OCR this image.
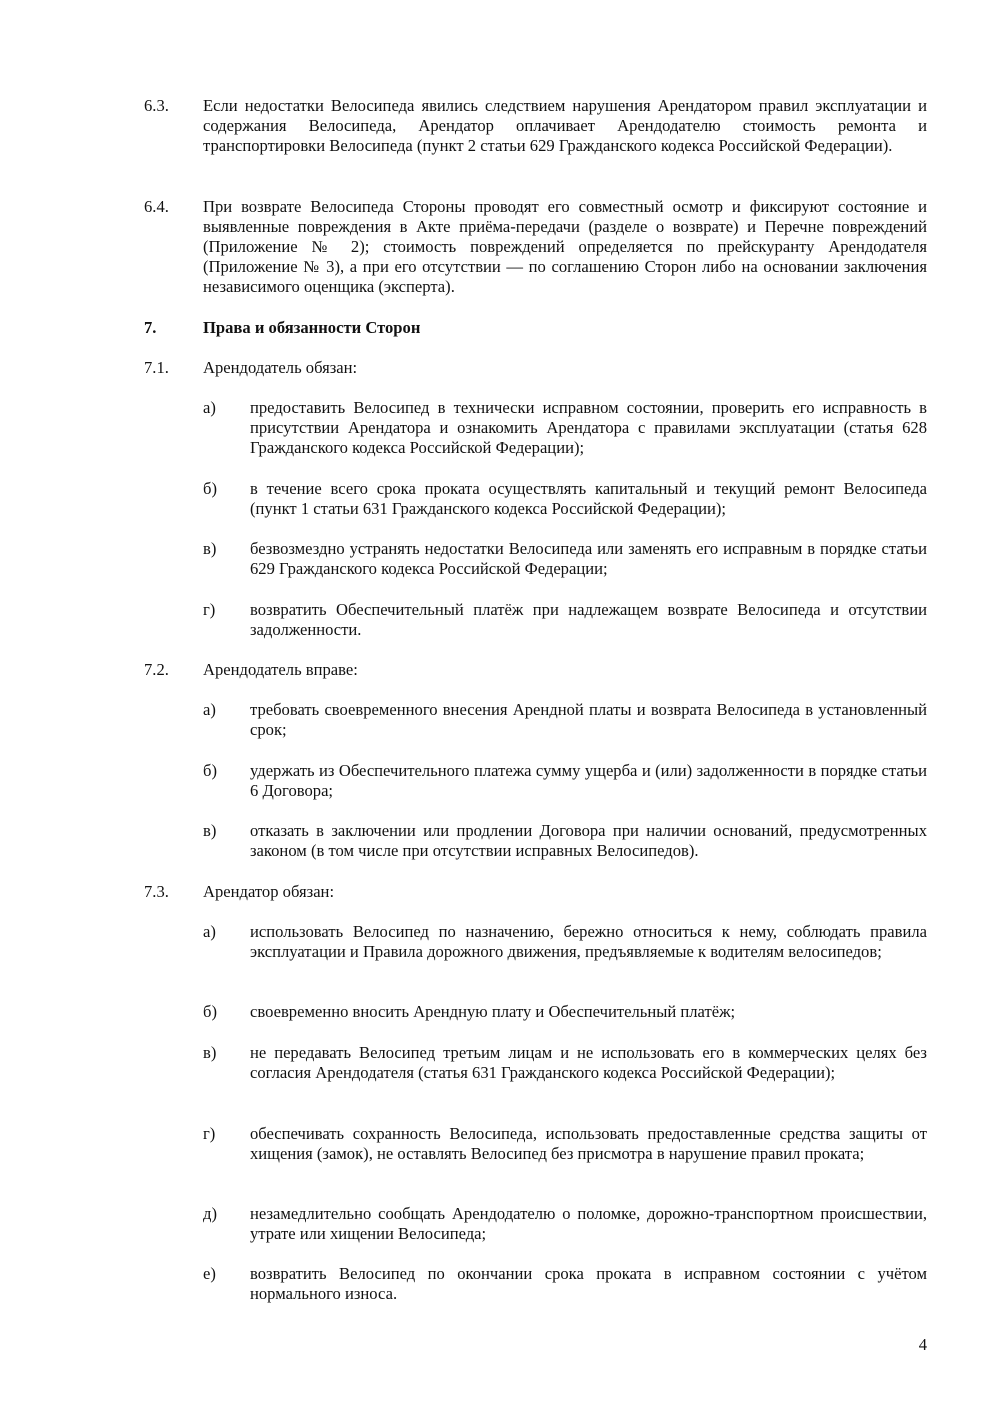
6.3. Если недостатки Велосипеда явились следствием нарушения Арендатором правил эксплуатации и содержания Велосипеда, Арендатор оплачивает Арендодателю стоимость ремонта и транспортировки Велосипеда (пункт 2 статьи 629 Гражданского кодекса Российской Федерации).
6.4. При возврате Велосипеда Стороны проводят его совместный осмотр и фиксируют состояние и выявленные повреждения в Акте приёма-передачи (разделе о возврате) и Перечне повреждений (Приложение № 2); стоимость повреждений определяется по прейскуранту Арендодателя (Приложение № 3), а при его отсутствии — по соглашению Сторон либо на основании заключения независимого оценщика (эксперта).
7.	Права и обязанности Сторон
7.1. Арендодатель обязан:
а) предоставить Велосипед в технически исправном состоянии, проверить его исправность в присутствии Арендатора и ознакомить Арендатора с правилами эксплуатации (статья 628 Гражданского кодекса Российской Федерации);
б) в течение всего срока проката осуществлять капитальный и текущий ремонт Велосипеда (пункт 1 статьи 631 Гражданского кодекса Российской Федерации);
в) безвозмездно устранять недостатки Велосипеда или заменять его исправным в порядке статьи 629 Гражданского кодекса Российской Федерации;
г) возвратить Обеспечительный платёж при надлежащем возврате Велосипеда и отсутствии задолженности.
7.2. Арендодатель вправе:
а) требовать своевременного внесения Арендной платы и возврата Велосипеда в установленный срок;
б) удержать из Обеспечительного платежа сумму ущерба и (или) задолженности в порядке статьи 6 Договора;
в) отказать в заключении или продлении Договора при наличии оснований, предусмотренных законом (в том числе при отсутствии исправных Велосипедов).
7.3. Арендатор обязан:
а) использовать Велосипед по назначению, бережно относиться к нему, соблюдать правила эксплуатации и Правила дорожного движения, предъявляемые к водителям велосипедов;
б) своевременно вносить Арендную плату и Обеспечительный платёж;
в) не передавать Велосипед третьим лицам и не использовать его в коммерческих целях без согласия Арендодателя (статья 631 Гражданского кодекса Российской Федерации);
г) обеспечивать сохранность Велосипеда, использовать предоставленные средства защиты от хищения (замок), не оставлять Велосипед без присмотра в нарушение правил проката;
д) незамедлительно сообщать Арендодателю о поломке, дорожно-транспортном происшествии, утрате или хищении Велосипеда;
е) возвратить Велосипед по окончании срока проката в исправном состоянии с учётом нормального износа.
4
